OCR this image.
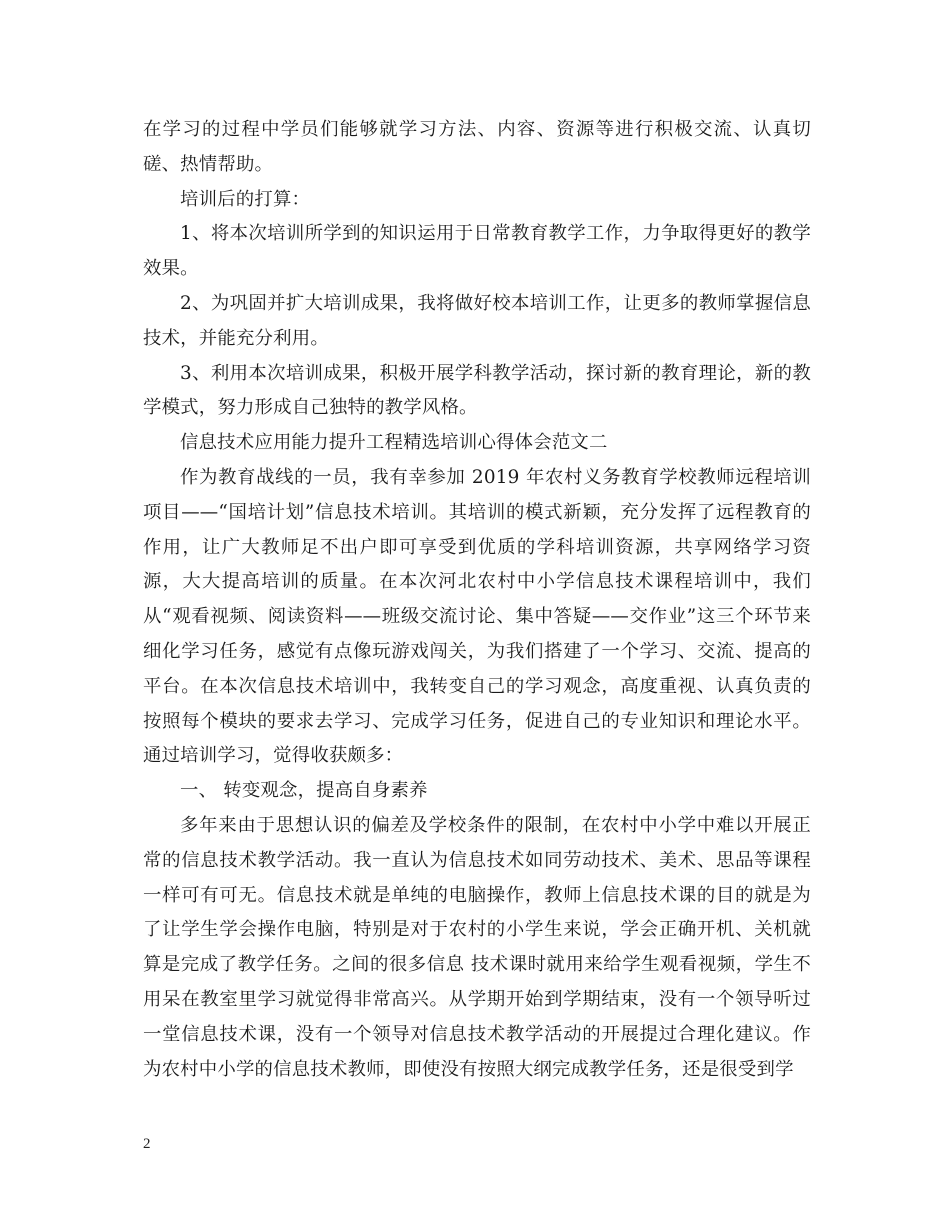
在学习的过程中学员们能够就学习方法、内容、资源等进行积极交流、认真切磋、热情帮助。

培训后的打算：

1、将本次培训所学到的知识运用于日常教育教学工作，力争取得更好的教学效果。

2、为巩固并扩大培训成果，我将做好校本培训工作，让更多的教师掌握信息技术，并能充分利用。

3、利用本次培训成果，积极开展学科教学活动，探讨新的教育理论，新的教学模式，努力形成自己独特的教学风格。

信息技术应用能力提升工程精选培训心得体会范文二

作为教育战线的一员，我有幸参加 2019 年农村义务教育学校教师远程培训项目——“国培计划”信息技术培训。其培训的模式新颖，充分发挥了远程教育的作用，让广大教师足不出户即可享受到优质的学科培训资源，共享网络学习资源，大大提高培训的质量。在本次河北农村中小学信息技术课程培训中，我们从“观看视频、阅读资料——班级交流讨论、集中答疑——交作业”这三个环节来细化学习任务，感觉有点像玩游戏闯关，为我们搭建了一个学习、交流、提高的平台。在本次信息技术培训中，我转变自己的学习观念，高度重视、认真负责的按照每个模块的要求去学习、完成学习任务，促进自己的专业知识和理论水平。通过培训学习，觉得收获颇多：

一、 转变观念，提高自身素养

多年来由于思想认识的偏差及学校条件的限制，在农村中小学中难以开展正常的信息技术教学活动。我一直认为信息技术如同劳动技术、美术、思品等课程一样可有可无。信息技术就是单纯的电脑操作，教师上信息技术课的目的就是为了让学生学会操作电脑，特别是对于农村的小学生来说，学会正确开机、关机就算是完成了教学任务。之间的很多信息 技术课时就用来给学生观看视频，学生不用呆在教室里学习就觉得非常高兴。从学期开始到学期结束，没有一个领导听过一堂信息技术课，没有一个领导对信息技术教学活动的开展提过合理化建议。作为农村中小学的信息技术教师，即使没有按照大纲完成教学任务，还是很受到学

2
